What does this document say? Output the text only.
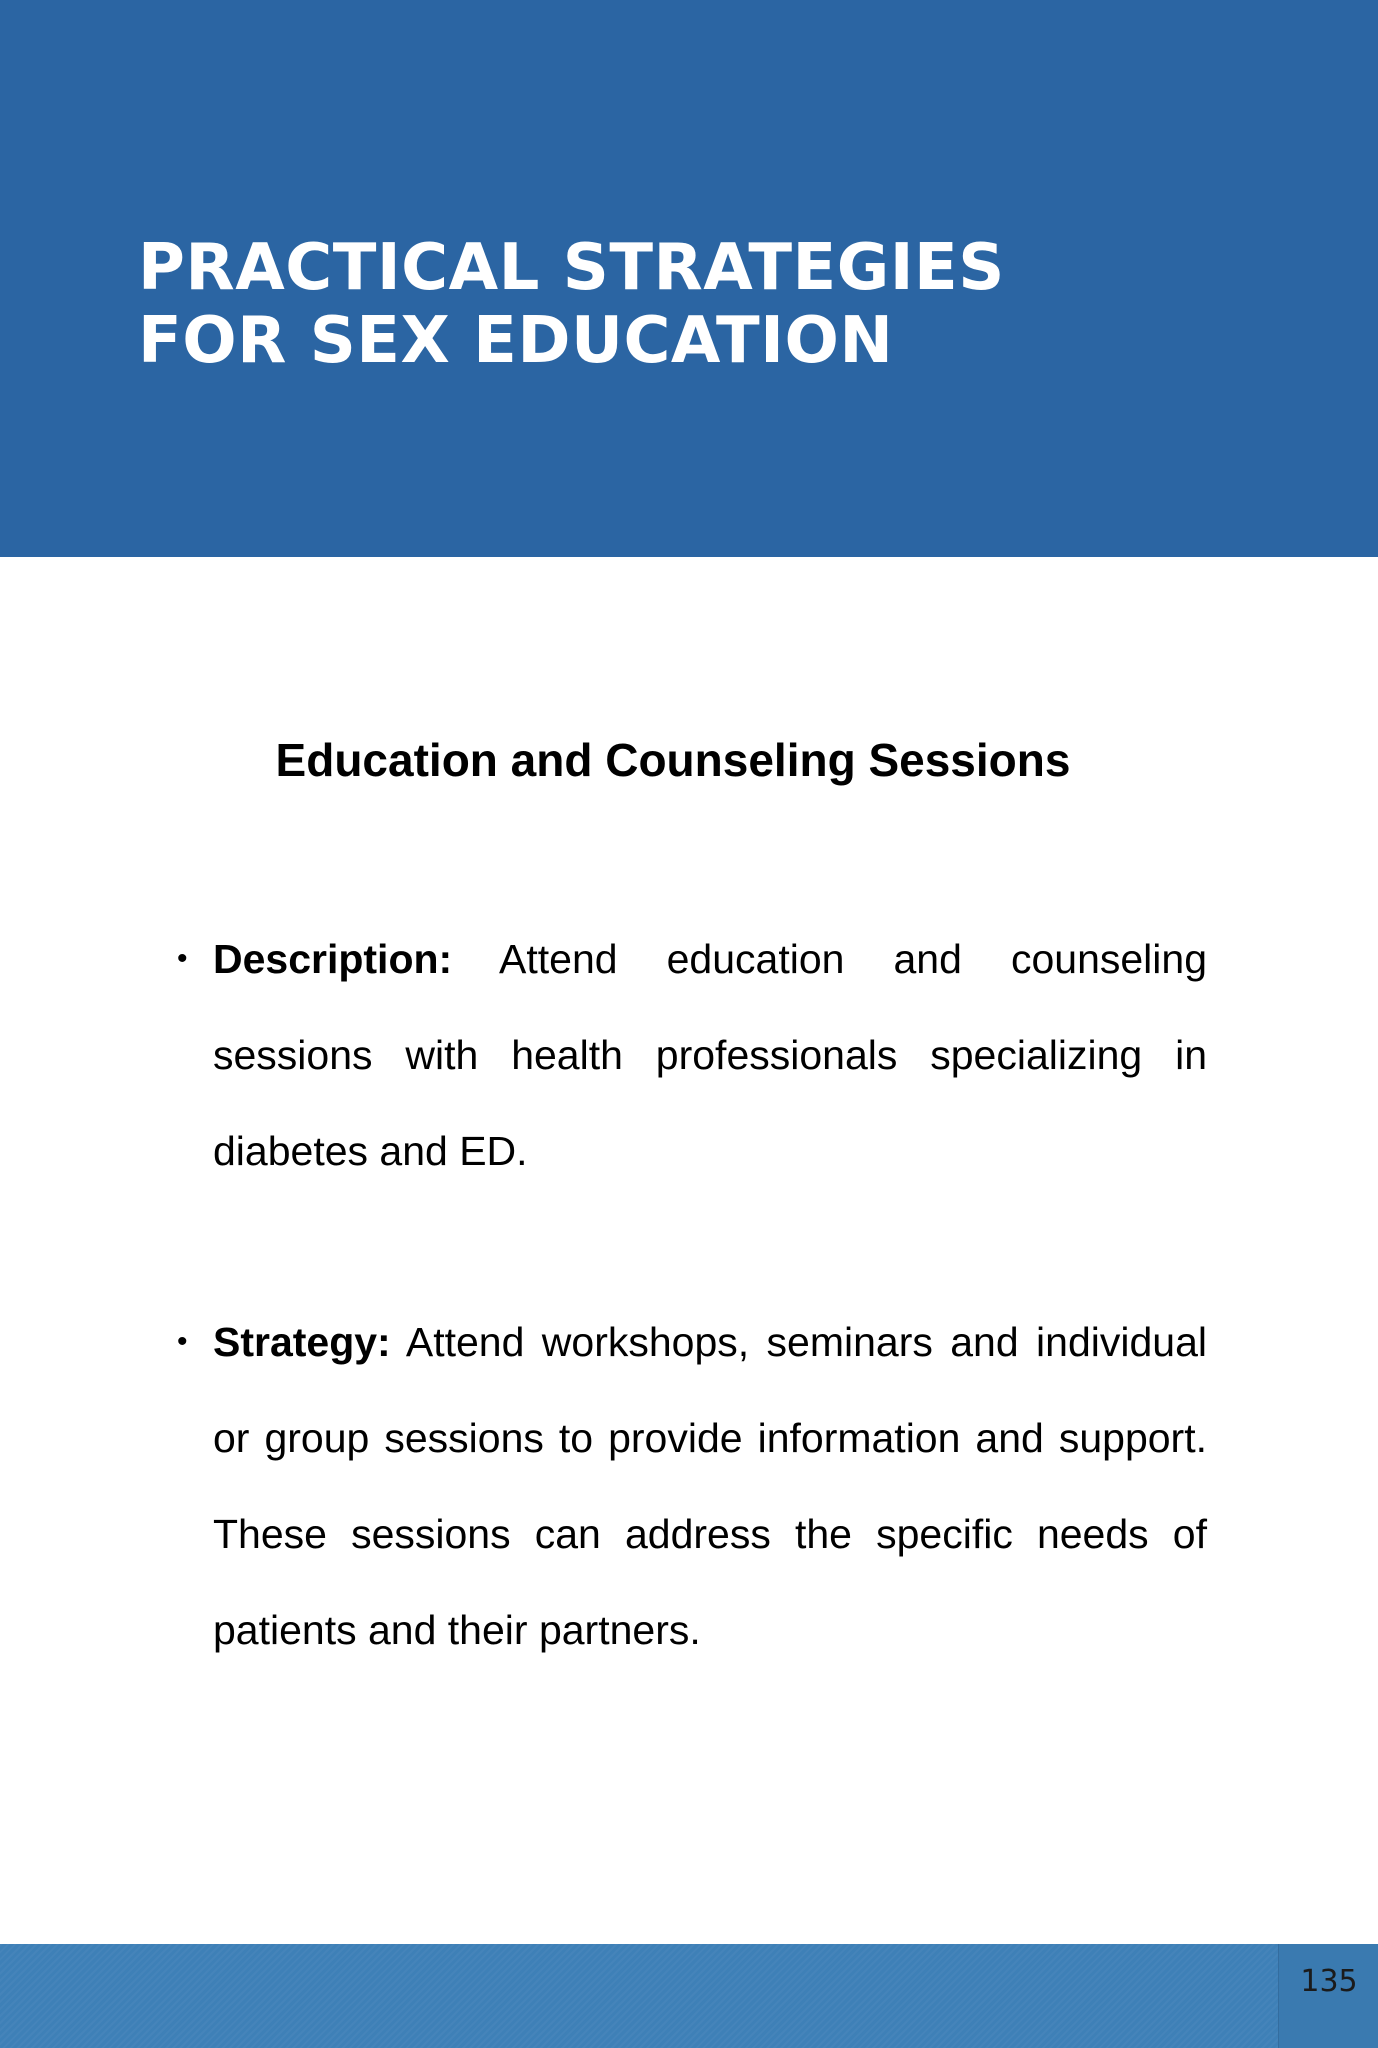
PRACTICAL STRATEGIES
FOR SEX EDUCATION
Education and Counseling Sessions
• Description: Attend education and counseling sessions with health professionals specializing in diabetes and ED.
• Strategy: Attend workshops, seminars and individual or group sessions to provide information and support. These sessions can address the specific needs of patients and their partners.
135
